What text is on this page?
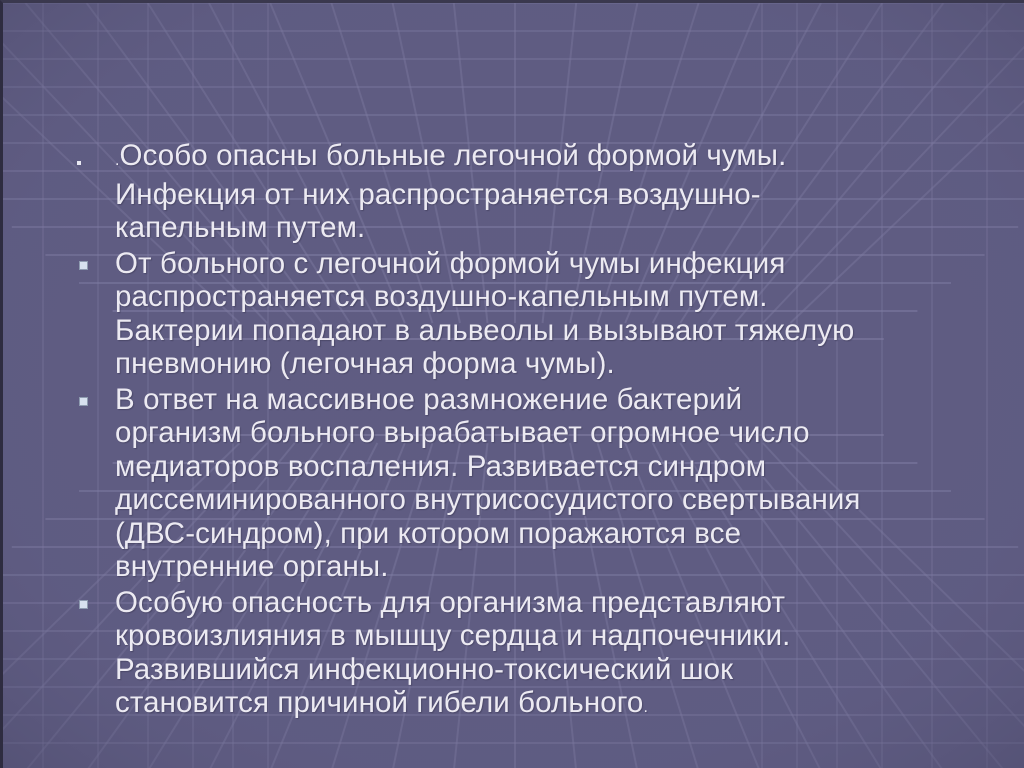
.Особо опасны больные легочной формой чумы.
Инфекция от них распространяется воздушно-
капельным путем.
От больного с легочной формой чумы инфекция
распространяется воздушно-капельным путем.
Бактерии попадают в альвеолы и вызывают тяжелую
пневмонию (легочная форма чумы).
В ответ на массивное размножение бактерий
организм больного вырабатывает огромное число
медиаторов воспаления. Развивается синдром
диссеминированного внутрисосудистого свертывания
(ДВС-синдром), при котором поражаются все
внутренние органы.
Особую опасность для организма представляют
кровоизлияния в мышцу сердца и надпочечники.
Развившийся инфекционно-токсический шок
становится причиной гибели больного.
